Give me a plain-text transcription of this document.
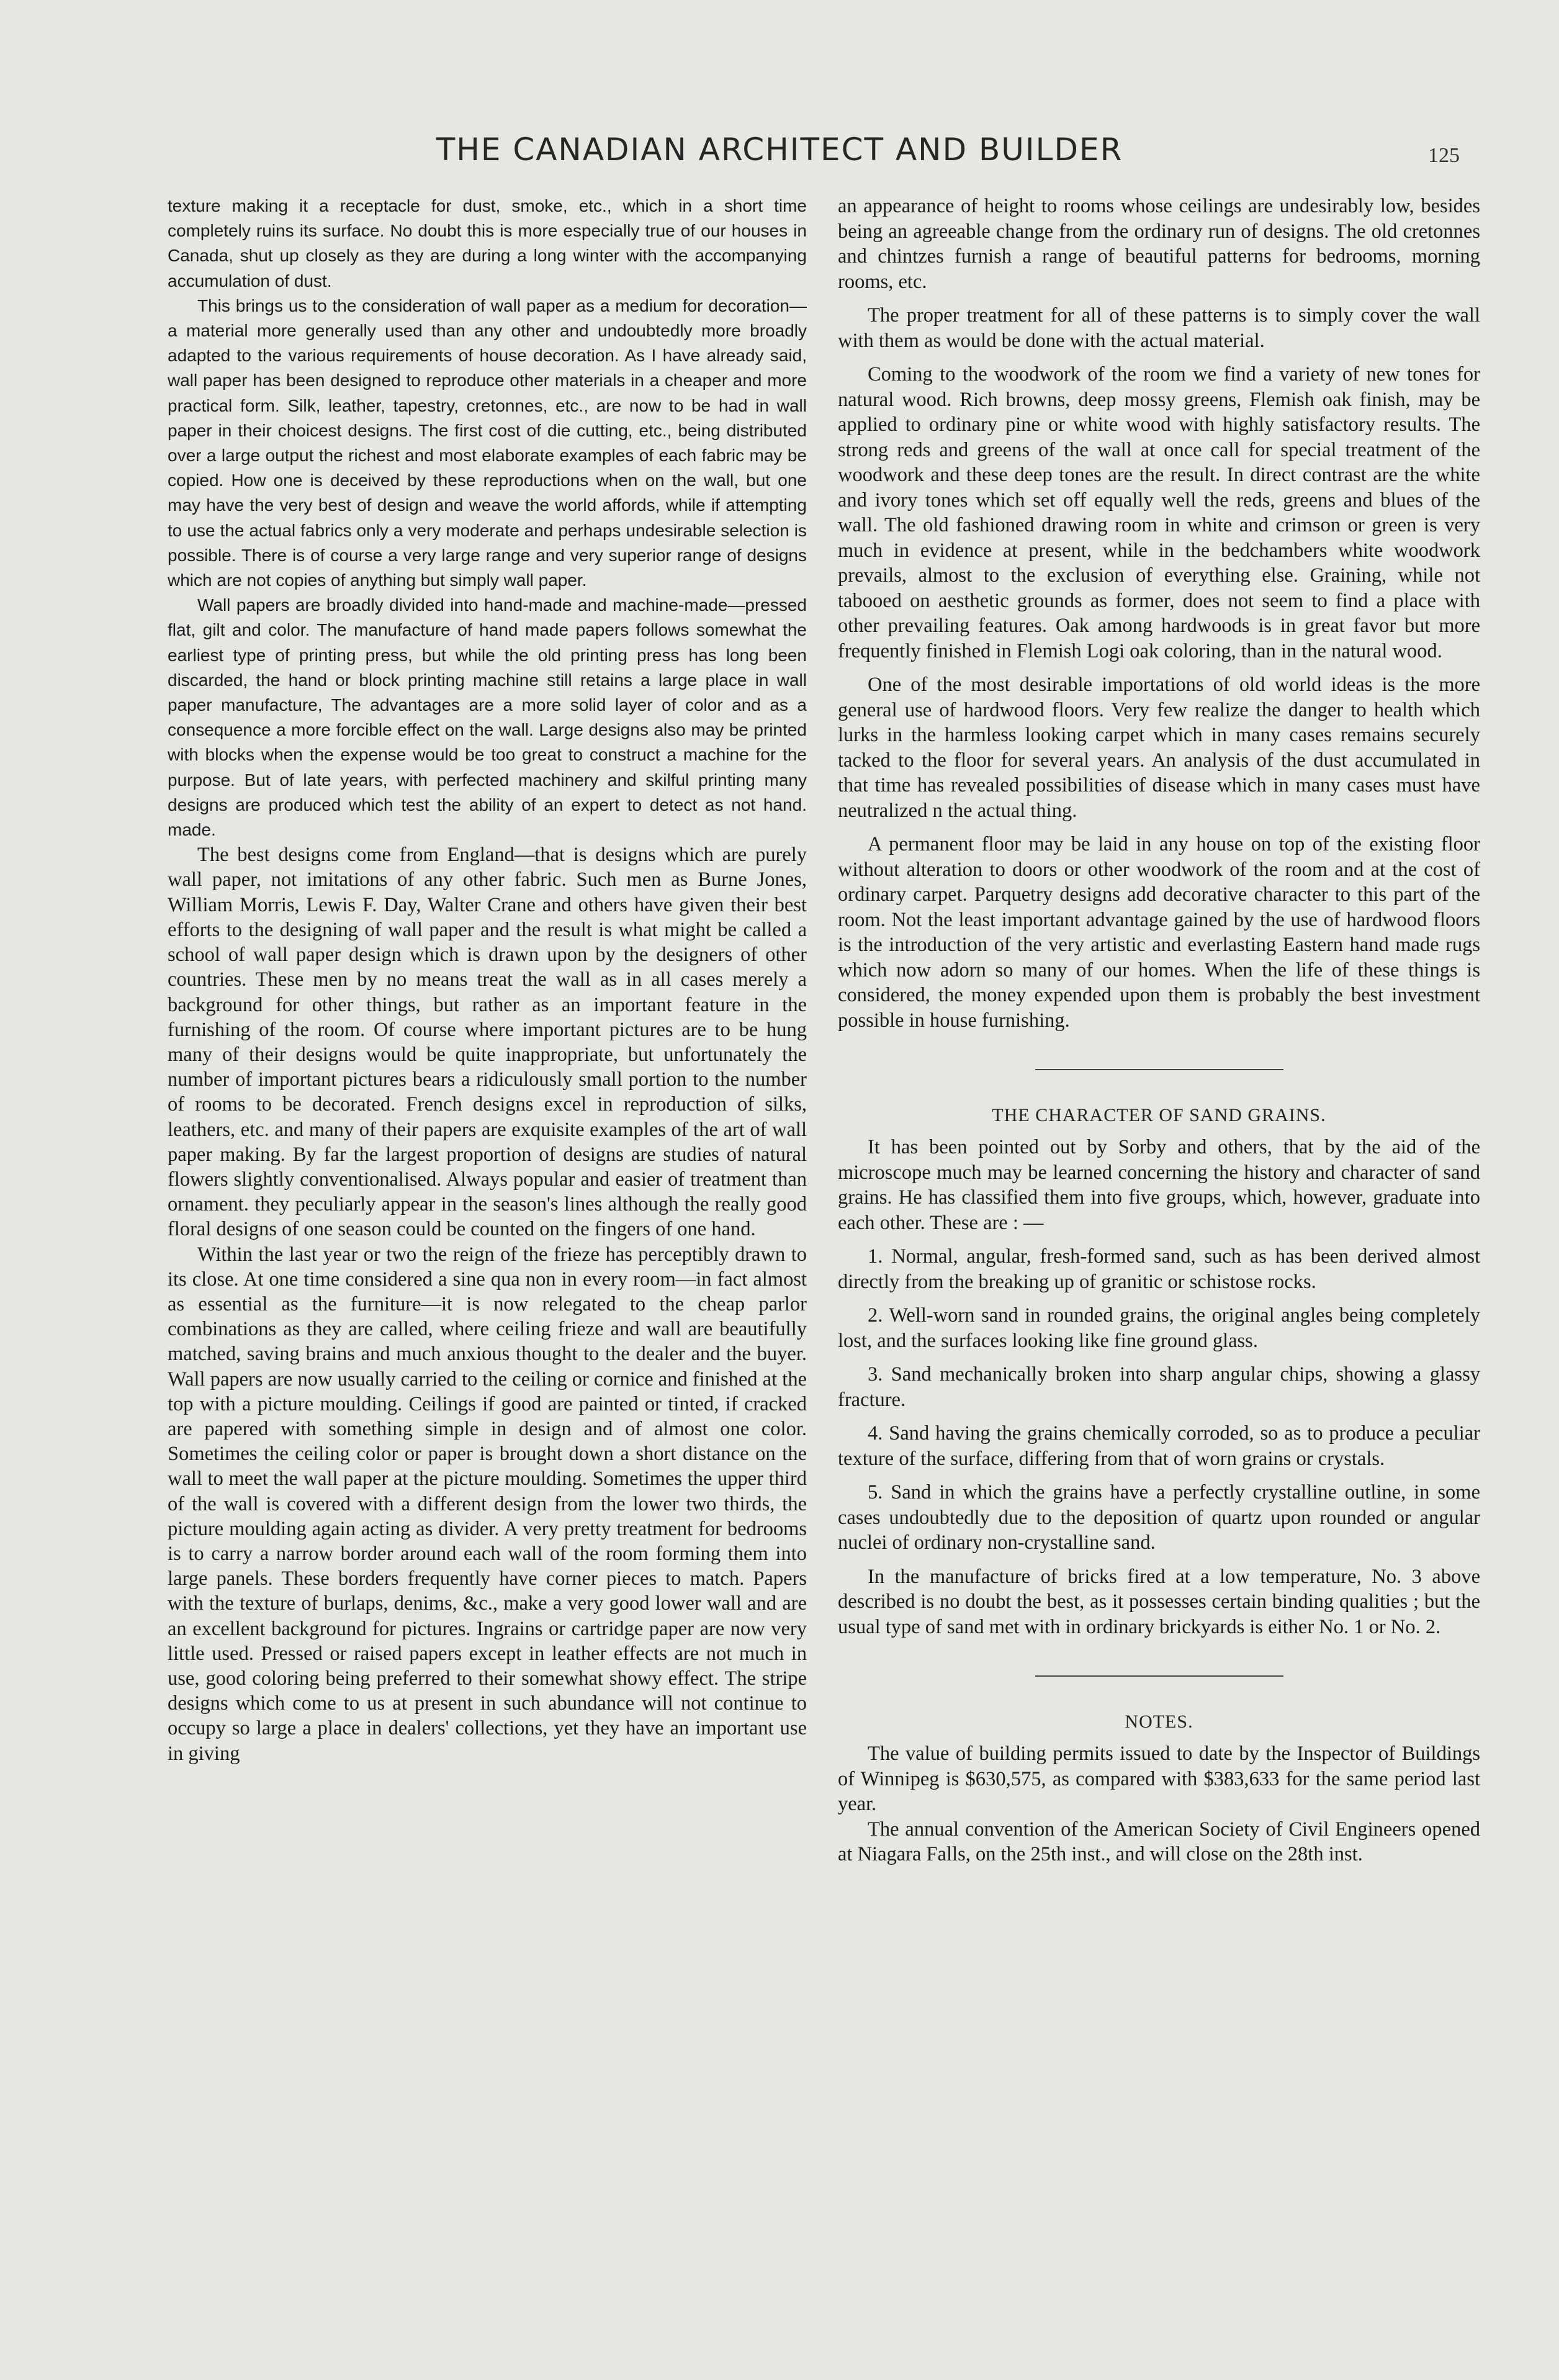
THE CANADIAN ARCHITECT AND BUILDER	125

texture making it a receptacle for dust, smoke, etc., which in a short time completely ruins its surface. No doubt this is more especially true of our houses in Canada, shut up closely as they are during a long winter with the accompanying accumulation of dust.

This brings us to the consideration of wall paper as a medium for decoration—a material more generally used than any other and undoubtedly more broadly adapted to the various requirements of house decoration. As I have already said, wall paper has been designed to reproduce other materials in a cheaper and more practical form. Silk, leather, tapestry, cretonnes, etc., are now to be had in wall paper in their choicest designs. The first cost of die cutting, etc., being distributed over a large output the richest and most elaborate examples of each fabric may be copied. How one is deceived by these reproductions when on the wall, but one may have the very best of design and weave the world affords, while if attempting to use the actual fabrics only a very moderate and perhaps undesirable selection is possible. There is of course a very large range and very superior range of designs which are not copies of anything but simply wall paper.

Wall papers are broadly divided into hand-made and machine-made—pressed flat, gilt and color. The manufacture of hand made papers follows somewhat the earliest type of printing press, but while the old printing press has long been discarded, the hand or block printing machine still retains a large place in wall paper manufacture, The advantages are a more solid layer of color and as a consequence a more forcible effect on the wall. Large designs also may be printed with blocks when the expense would be too great to construct a machine for the purpose. But of late years, with perfected machinery and skilful printing many designs are produced which test the ability of an expert to detect as not hand. made.

The best designs come from England—that is designs which are purely wall paper, not imitations of any other fabric. Such men as Burne Jones, William Morris, Lewis F. Day, Walter Crane and others have given their best efforts to the designing of wall paper and the result is what might be called a school of wall paper design which is drawn upon by the designers of other countries. These men by no means treat the wall as in all cases merely a background for other things, but rather as an important feature in the furnishing of the room. Of course where important pictures are to be hung many of their designs would be quite inappropriate, but unfortunately the number of important pictures bears a ridiculously small portion to the number of rooms to be decorated. French designs excel in reproduction of silks, leathers, etc. and many of their papers are exquisite examples of the art of wall paper making. By far the largest proportion of designs are studies of natural flowers slightly conventionalised. Always popular and easier of treatment than ornament. they peculiarly appear in the season's lines although the really good floral designs of one season could be counted on the fingers of one hand.

Within the last year or two the reign of the frieze has perceptibly drawn to its close. At one time considered a sine qua non in every room—in fact almost as essential as the furniture—it is now relegated to the cheap parlor combinations as they are called, where ceiling frieze and wall are beautifully matched, saving brains and much anxious thought to the dealer and the buyer. Wall papers are now usually carried to the ceiling or cornice and finished at the top with a picture moulding. Ceilings if good are painted or tinted, if cracked are papered with something simple in design and of almost one color. Sometimes the ceiling color or paper is brought down a short distance on the wall to meet the wall paper at the picture moulding. Sometimes the upper third of the wall is covered with a different design from the lower two thirds, the picture moulding again acting as divider. A very pretty treatment for bedrooms is to carry a narrow border around each wall of the room forming them into large panels. These borders frequently have corner pieces to match. Papers with the texture of burlaps, denims, &c., make a very good lower wall and are an excellent background for pictures. Ingrains or cartridge paper are now very little used. Pressed or raised papers except in leather effects are not much in use, good coloring being preferred to their somewhat showy effect. The stripe designs which come to us at present in such abundance will not continue to occupy so large a place in dealers' collections, yet they have an important use in giving

an appearance of height to rooms whose ceilings are undesirably low, besides being an agreeable change from the ordinary run of designs. The old cretonnes and chintzes furnish a range of beautiful patterns for bedrooms, morning rooms, etc.

The proper treatment for all of these patterns is to simply cover the wall with them as would be done with the actual material.

Coming to the woodwork of the room we find a variety of new tones for natural wood. Rich browns, deep mossy greens, Flemish oak finish, may be applied to ordinary pine or white wood with highly satisfactory results. The strong reds and greens of the wall at once call for special treatment of the woodwork and these deep tones are the result. In direct contrast are the white and ivory tones which set off equally well the reds, greens and blues of the wall. The old fashioned drawing room in white and crimson or green is very much in evidence at present, while in the bedchambers white woodwork prevails, almost to the exclusion of everything else. Graining, while not tabooed on aesthetic grounds as former, does not seem to find a place with other prevailing features. Oak among hardwoods is in great favor but more frequently finished in Flemish Logi oak coloring, than in the natural wood.

One of the most desirable importations of old world ideas is the more general use of hardwood floors. Very few realize the danger to health which lurks in the harmless looking carpet which in many cases remains securely tacked to the floor for several years. An analysis of the dust accumulated in that time has revealed possibilities of disease which in many cases must have neutralized n the actual thing.

A permanent floor may be laid in any house on top of the existing floor without alteration to doors or other woodwork of the room and at the cost of ordinary carpet. Parquetry designs add decorative character to this part of the room. Not the least important advantage gained by the use of hardwood floors is the introduction of the very artistic and everlasting Eastern hand made rugs which now adorn so many of our homes. When the life of these things is considered, the money expended upon them is probably the best investment possible in house furnishing.

THE CHARACTER OF SAND GRAINS.

It has been pointed out by Sorby and others, that by the aid of the microscope much may be learned concerning the history and character of sand grains. He has classified them into five groups, which, however, graduate into each other. These are : —

1. Normal, angular, fresh-formed sand, such as has been derived almost directly from the breaking up of granitic or schistose rocks.

2. Well-worn sand in rounded grains, the original angles being completely lost, and the surfaces looking like fine ground glass.

3. Sand mechanically broken into sharp angular chips, showing a glassy fracture.

4. Sand having the grains chemically corroded, so as to produce a peculiar texture of the surface, differing from that of worn grains or crystals.

5. Sand in which the grains have a perfectly crystalline outline, in some cases undoubtedly due to the deposition of quartz upon rounded or angular nuclei of ordinary non-crystalline sand.

In the manufacture of bricks fired at a low temperature, No. 3 above described is no doubt the best, as it possesses certain binding qualities ; but the usual type of sand met with in ordinary brickyards is either No. 1 or No. 2.

NOTES.

The value of building permits issued to date by the Inspector of Buildings of Winnipeg is $630,575, as compared with $383,633 for the same period last year.

The annual convention of the American Society of Civil Engineers opened at Niagara Falls, on the 25th inst., and will close on the 28th inst.
